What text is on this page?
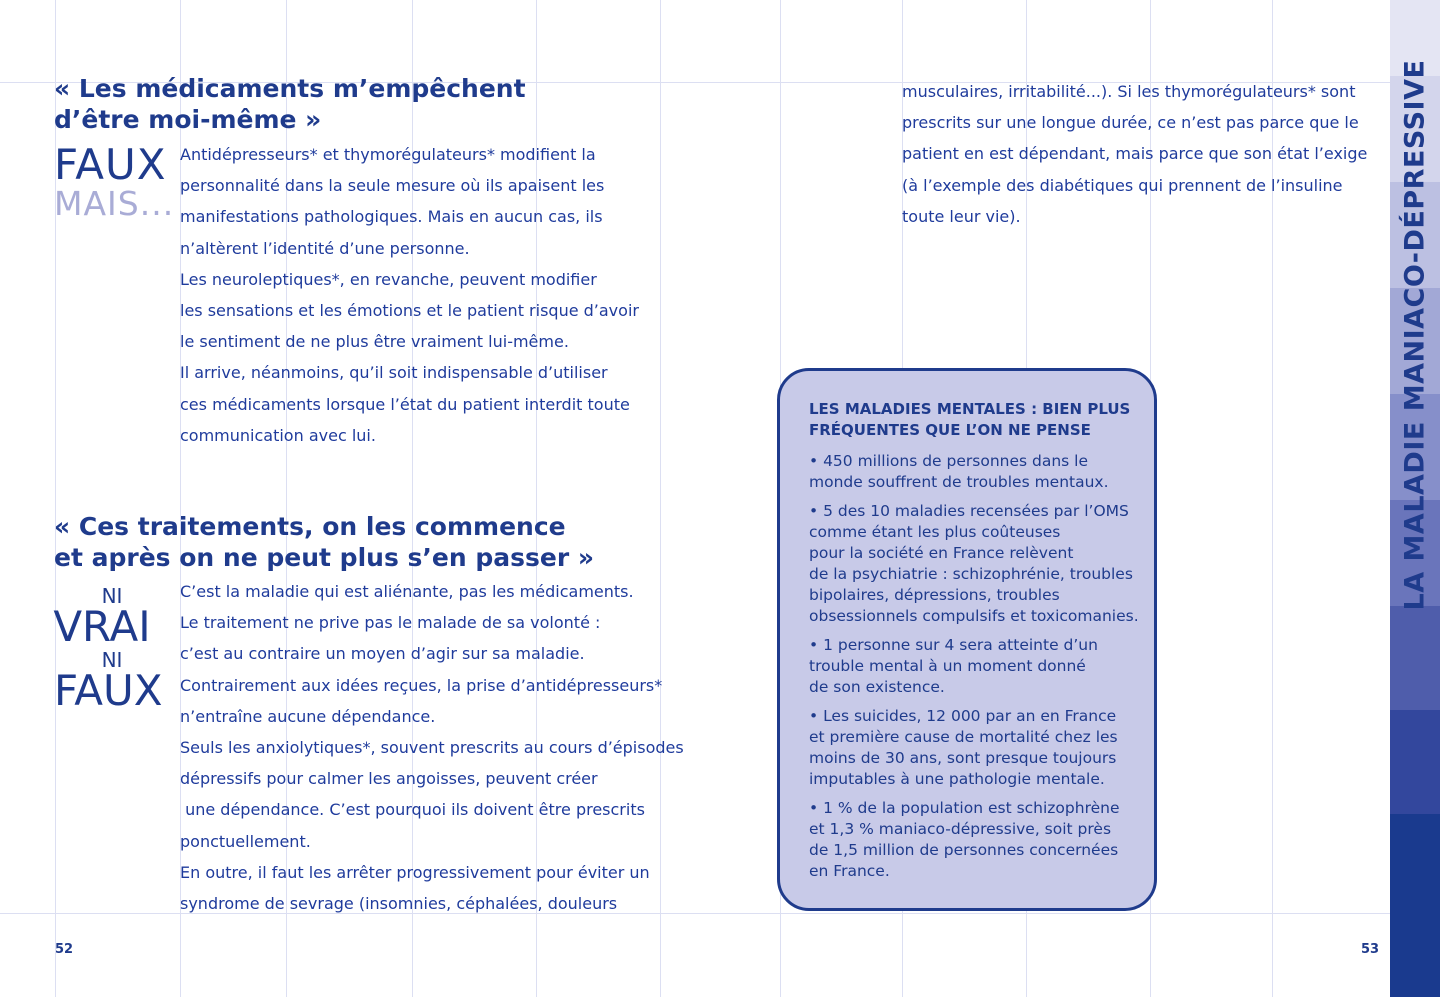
« Les médicaments m’empêchent
d’être moi-même »
FAUX
MAIS...

Antidépresseurs* et thymorégulateurs* modifient la

personnalité dans la seule mesure où ils apaisent les

manifestations pathologiques. Mais en aucun cas, ils

n’altèrent l’identité d’une personne.

Les neuroleptiques*, en revanche, peuvent modifier

les sensations et les émotions et le patient risque d’avoir

le sentiment de ne plus être vraiment lui-même.

Il arrive, néanmoins, qu’il soit indispensable d’utiliser

ces médicaments lorsque l’état du patient interdit toute

communication avec lui.

« Ces traitements, on les commence
et après on ne peut plus s’en passer »
NI
VRAI
NI
FAUX

C’est la maladie qui est aliénante, pas les médicaments.

Le traitement ne prive pas le malade de sa volonté :

c’est au contraire un moyen d’agir sur sa maladie.

Contrairement aux idées reçues, la prise d’antidépresseurs*

n’entraîne aucune dépendance.

Seuls les anxiolytiques*, souvent prescrits au cours d’épisodes

dépressifs pour calmer les angoisses, peuvent créer

une dépendance. C’est pourquoi ils doivent être prescrits

ponctuellement.

En outre, il faut les arrêter progressivement pour éviter un

syndrome de sevrage (insomnies, céphalées, douleurs

52

musculaires, irritabilité...). Si les thymorégulateurs* sont

prescrits sur une longue durée, ce n’est pas parce que le

patient en est dépendant, mais parce que son état l’exige

(à l’exemple des diabétiques qui prennent de l’insuline

toute leur vie).

LES MALADIES MENTALES : BIEN PLUS
FRÉQUENTES QUE L’ON NE PENSE
• 450 millions de personnes dans le
monde souffrent de troubles mentaux.
• 5 des 10 maladies recensées par l’OMS
comme étant les plus coûteuses
pour la société en France relèvent
de la psychiatrie : schizophrénie, troubles
bipolaires, dépressions, troubles
obsessionnels compulsifs et toxicomanies.
• 1 personne sur 4 sera atteinte d’un
trouble mental à un moment donné
de son existence.
• Les suicides, 12 000 par an en France
et première cause de mortalité chez les
moins de 30 ans, sont presque toujours
imputables à une pathologie mentale.
• 1 % de la population est schizophrène
et 1,3 % maniaco-dépressive, soit près
de 1,5 million de personnes concernées
en France.
53
LA MALADIE MANIACO-DÉPRESSIVE
